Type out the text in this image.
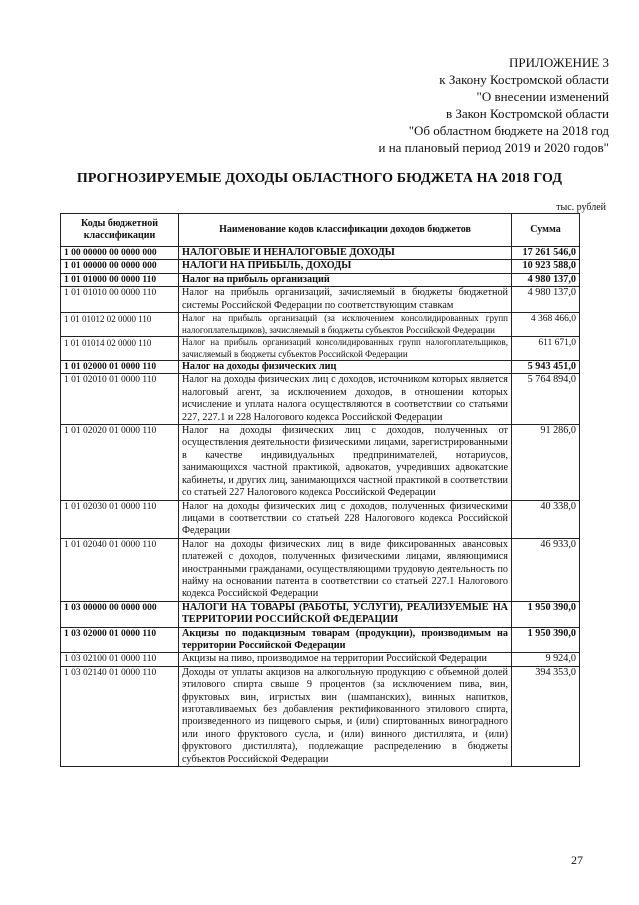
ПРИЛОЖЕНИЕ 3
к Закону Костромской области
"О внесении изменений
в Закон Костромской области
"Об областном бюджете на 2018 год
и на плановый период 2019 и 2020 годов"
ПРОГНОЗИРУЕМЫЕ ДОХОДЫ ОБЛАСТНОГО БЮДЖЕТА НА 2018 ГОД
тыс. рублей
Коды бюджетной классификации	Наименование кодов классификации доходов бюджетов	Сумма
1 00 00000 00 0000 000	НАЛОГОВЫЕ И НЕНАЛОГОВЫЕ ДОХОДЫ	17 261 546,0
1 01 00000 00 0000 000	НАЛОГИ НА ПРИБЫЛЬ, ДОХОДЫ	10 923 588,0
1 01 01000 00 0000 110	Налог на прибыль организаций	4 980 137,0
1 01 01010 00 0000 110	Налог на прибыль организаций, зачисляемый в бюджеты бюджетной системы Российской Федерации по соответствующим ставкам	4 980 137,0
1 01 01012 02 0000 110	Налог на прибыль организаций (за исключением консолидированных групп налогоплательщиков), зачисляемый в бюджеты субъектов Российской Федерации	4 368 466,0
1 01 01014 02 0000 110	Налог на прибыль организаций консолидированных групп налогоплательщиков, зачисляемый в бюджеты субъектов Российской Федерации	611 671,0
1 01 02000 01 0000 110	Налог на доходы физических лиц	5 943 451,0
1 01 02010 01 0000 110	Налог на доходы физических лиц с доходов, источником которых является налоговый агент, за исключением доходов, в отношении которых исчисление и уплата налога осуществляются в соответствии со статьями 227, 227.1 и 228 Налогового кодекса Российской Федерации	5 764 894,0
1 01 02020 01 0000 110	Налог на доходы физических лиц с доходов, полученных от осуществления деятельности физическими лицами, зарегистрированными в качестве индивидуальных предпринимателей, нотариусов, занимающихся частной практикой, адвокатов, учредивших адвокатские кабинеты, и других лиц, занимающихся частной практикой в соответствии со статьей 227 Налогового кодекса Российской Федерации	91 286,0
1 01 02030 01 0000 110	Налог на доходы физических лиц с доходов, полученных физическими лицами в соответствии со статьей 228 Налогового кодекса Российской Федерации	40 338,0
1 01 02040 01 0000 110	Налог на доходы физических лиц в виде фиксированных авансовых платежей с доходов, полученных физическими лицами, являющимися иностранными гражданами, осуществляющими трудовую деятельность по найму на основании патента в соответствии со статьей 227.1 Налогового кодекса Российской Федерации	46 933,0
1 03 00000 00 0000 000	НАЛОГИ НА ТОВАРЫ (РАБОТЫ, УСЛУГИ), РЕАЛИЗУЕМЫЕ НА ТЕРРИТОРИИ РОССИЙСКОЙ ФЕДЕРАЦИИ	1 950 390,0
1 03 02000 01 0000 110	Акцизы по подакцизным товарам (продукции), производимым на территории Российской Федерации	1 950 390,0
1 03 02100 01 0000 110	Акцизы на пиво, производимое на территории Российской Федерации	9 924,0
1 03 02140 01 0000 110	Доходы от уплаты акцизов на алкогольную продукцию с объемной долей этилового спирта свыше 9 процентов (за исключением пива, вин, фруктовых вин, игристых вин (шампанских), винных напитков, изготавливаемых без добавления ректификованного этилового спирта, произведенного из пищевого сырья, и (или) спиртованных виноградного или иного фруктового сусла, и (или) винного дистиллята, и (или) фруктового дистиллята), подлежащие распределению в бюджеты субъектов Российской Федерации	394 353,0
27
